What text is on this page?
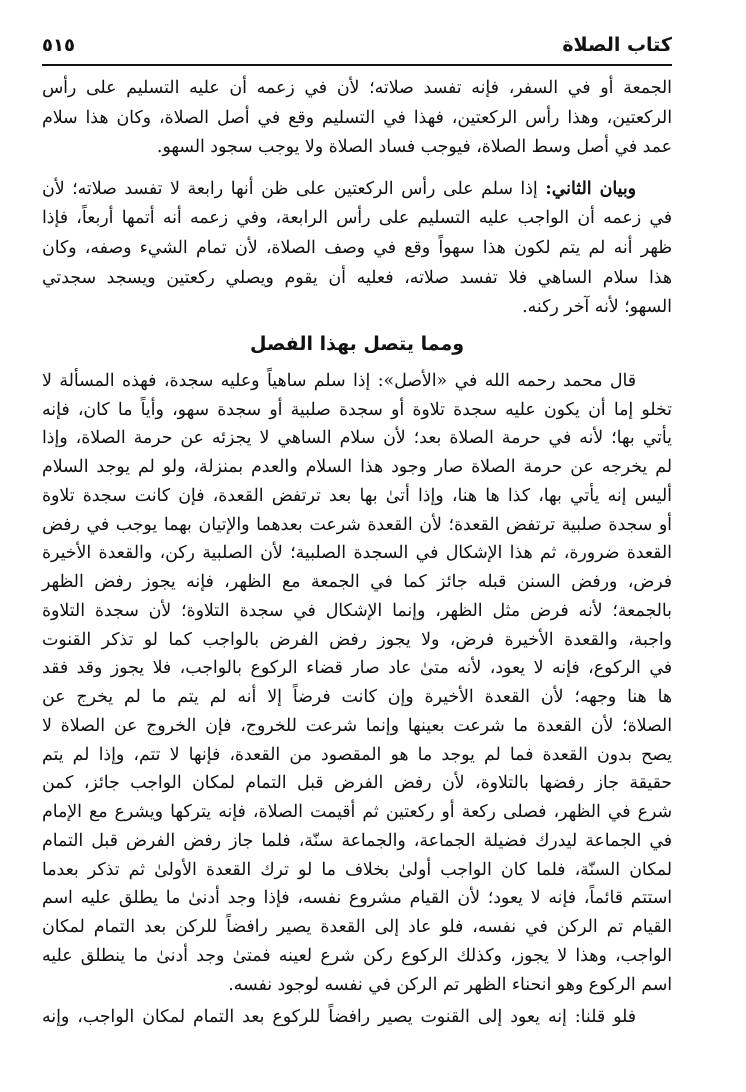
كتاب الصلاة
٥١٥

الجمعة أو في السفر، فإنه تفسد صلاته؛ لأن في زعمه أن عليه التسليم على رأس
الركعتين، وهذا رأس الركعتين، فهذا في التسليم وقع في أصل الصلاة، وكان هذا سلام
عمد في أصل وسط الصلاة، فيوجب فساد الصلاة ولا يوجب سجود السهو.

وبيان الثاني: إذا سلم على رأس الركعتين على ظن أنها رابعة لا تفسد صلاته؛ لأن
في زعمه أن الواجب عليه التسليم على رأس الرابعة، وفي زعمه أنه أتمها أربعاً، فإذا
ظهر أنه لم يتم لكون هذا سهواً وقع في وصف الصلاة، لأن تمام الشيء وصفه، وكان
هذا سلام الساهي فلا تفسد صلاته، فعليه أن يقوم ويصلي ركعتين ويسجد سجدتي
السهو؛ لأنه آخر ركنه.

ومما يتصل بهذا الفصل

قال محمد رحمه الله في «الأصل»: إذا سلم ساهياً وعليه سجدة، فهذه المسألة لا
تخلو إما أن يكون عليه سجدة تلاوة أو سجدة صلبية أو سجدة سهو، وأياً ما كان، فإنه
يأتي بها؛ لأنه في حرمة الصلاة بعد؛ لأن سلام الساهي لا يجزئه عن حرمة الصلاة، وإذا
لم يخرجه عن حرمة الصلاة صار وجود هذا السلام والعدم بمنزلة، ولو لم يوجد السلام
أليس إنه يأتي بها، كذا ها هنا، وإذا أتىٰ بها بعد ترتفض القعدة، فإن كانت سجدة تلاوة
أو سجدة صلبية ترتفض القعدة؛ لأن القعدة شرعت بعدهما والإتيان بهما يوجب في رفض
القعدة ضرورة، ثم هذا الإشكال في السجدة الصلبية؛ لأن الصلبية ركن، والقعدة الأخيرة
فرض، ورفض السنن قبله جائز كما في الجمعة مع الظهر، فإنه يجوز رفض الظهر
بالجمعة؛ لأنه فرض مثل الظهر، وإنما الإشكال في سجدة التلاوة؛ لأن سجدة التلاوة
واجبة، والقعدة الأخيرة فرض، ولا يجوز رفض الفرض بالواجب كما لو تذكر القنوت
في الركوع، فإنه لا يعود، لأنه متىٰ عاد صار قضاء الركوع بالواجب، فلا يجوز وقد فقد
ها هنا وجهه؛ لأن القعدة الأخيرة وإن كانت فرضاً إلا أنه لم يتم ما لم يخرج عن
الصلاة؛ لأن القعدة ما شرعت بعينها وإنما شرعت للخروج، فإن الخروج عن الصلاة لا
يصح بدون القعدة فما لم يوجد ما هو المقصود من القعدة، فإنها لا تتم، وإذا لم يتم
حقيقة جاز رفضها بالتلاوة، لأن رفض الفرض قبل التمام لمكان الواجب جائز، كمن
شرع في الظهر، فصلى ركعة أو ركعتين ثم أقيمت الصلاة، فإنه يتركها ويشرع مع الإمام
في الجماعة ليدرك فضيلة الجماعة، والجماعة سنّة، فلما جاز رفض الفرض قبل التمام
لمكان السنّة، فلما كان الواجب أولىٰ بخلاف ما لو ترك القعدة الأولىٰ ثم تذكر بعدما
استتم قائماً، فإنه لا يعود؛ لأن القيام مشروع نفسه، فإذا وجد أدنىٰ ما يطلق عليه اسم
القيام تم الركن في نفسه، فلو عاد إلى القعدة يصير رافضاً للركن بعد التمام لمكان
الواجب، وهذا لا يجوز، وكذلك الركوع ركن شرع لعينه فمتىٰ وجد أدنىٰ ما ينطلق عليه
اسم الركوع وهو انحناء الظهر تم الركن في نفسه لوجود نفسه.

فلو قلنا: إنه يعود إلى القنوت يصير رافضاً للركوع بعد التمام لمكان الواجب، وإنه
